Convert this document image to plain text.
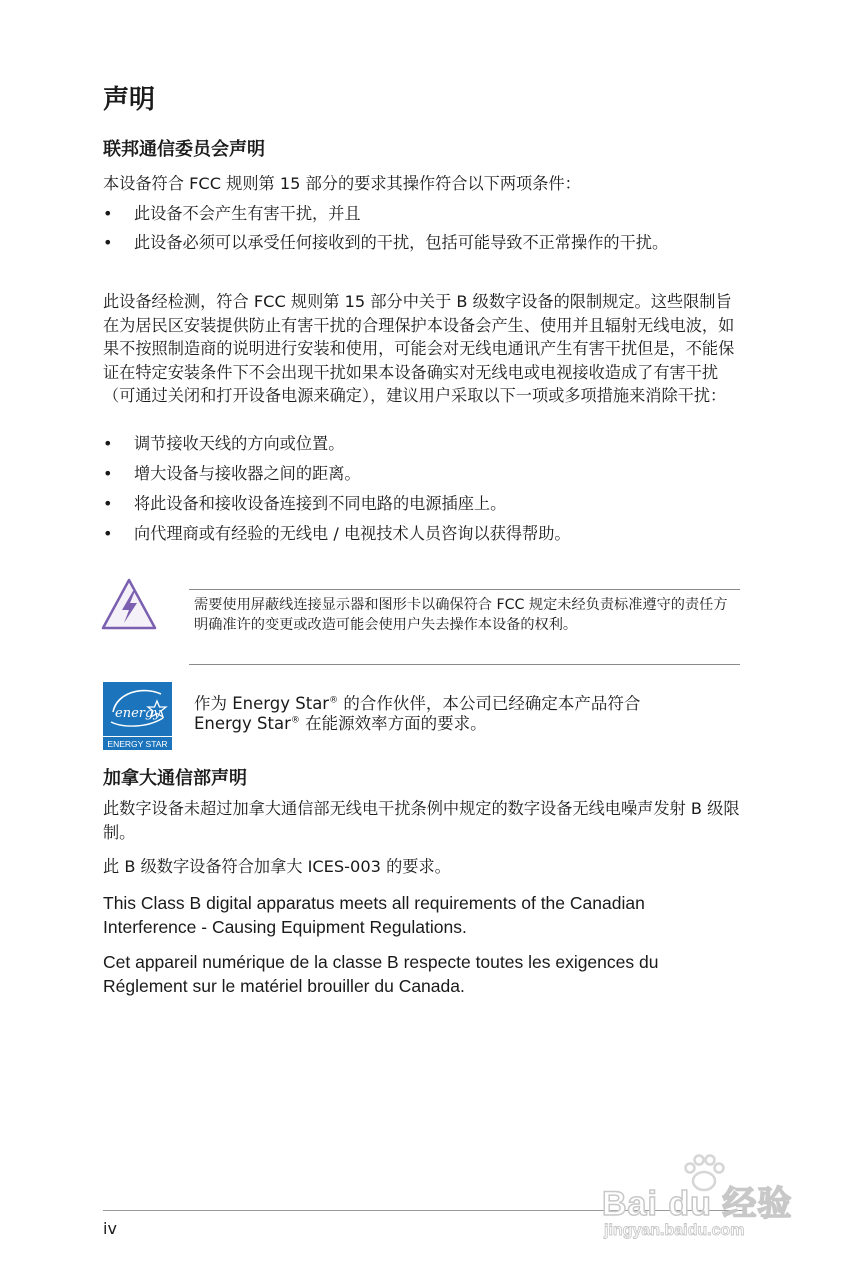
声明
联邦通信委员会声明

本设备符合 FCC 规则第 15 部分的要求其操作符合以下两项条件：

• 此设备不会产生有害干扰，并且
• 此设备必须可以承受任何接收到的干扰，包括可能导致不正常操作的干扰。

此设备经检测，符合 FCC 规则第 15 部分中关于 B 级数字设备的限制规定。这些限制旨在为居民区安装提供防止有害干扰的合理保护本设备会产生、使用并且辐射无线电波，如果不按照制造商的说明进行安装和使用，可能会对无线电通讯产生有害干扰但是，不能保证在特定安装条件下不会出现干扰如果本设备确实对无线电或电视接收造成了有害干扰（可通过关闭和打开设备电源来确定），建议用户采取以下一项或多项措施来消除干扰：

• 调节接收天线的方向或位置。
• 增大设备与接收器之间的距离。
• 将此设备和接收设备连接到不同电路的电源插座上。
• 向代理商或有经验的无线电 / 电视技术人员咨询以获得帮助。
需要使用屏蔽线连接显示器和图形卡以确保符合 FCC 规定未经负责标准遵守的责任方明确准许的变更或改造可能会使用户失去操作本设备的权利。
energy
ENERGY STAR
作为 Energy Star® 的合作伙伴，本公司已经确定本产品符合
Energy Star® 在能源效率方面的要求。
加拿大通信部声明

此数字设备未超过加拿大通信部无线电干扰条例中规定的数字设备无线电噪声发射 B 级限制。

此 B 级数字设备符合加拿大 ICES-003 的要求。

This Class B digital apparatus meets all requirements of the Canadian Interference - Causing Equipment Regulations.

Cet appareil numérique de la classe B respecte toutes les exigences du Réglement sur le matériel brouiller du Canada.

iv
Bai du 经验
jingyan.baidu.com
